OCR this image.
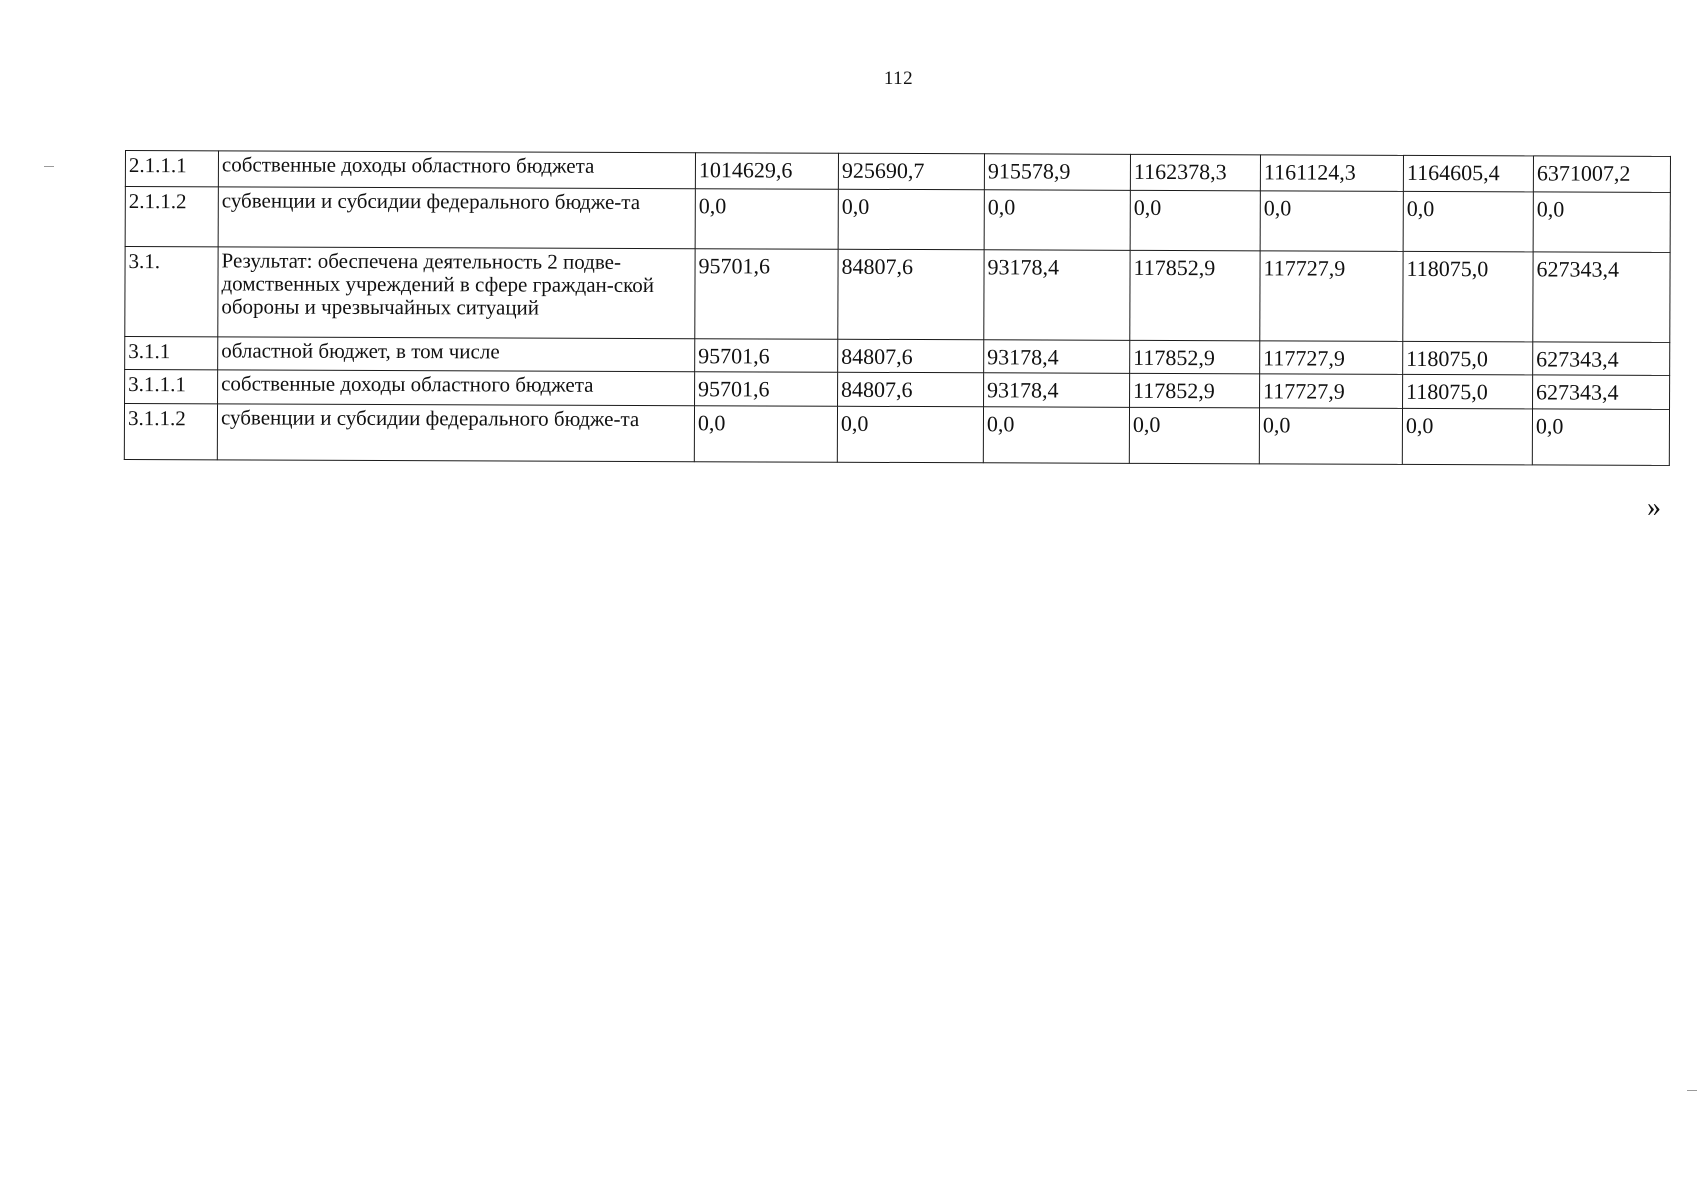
112
2.1.1.1	собственные доходы областного бюджета	1014629,6	925690,7	915578,9	1162378,3	1161124,3	1164605,4	6371007,2
2.1.1.2	субвенции и субсидии федерального бюдже-та	0,0	0,0	0,0	0,0	0,0	0,0	0,0
3.1.	Результат: обеспечена деятельность 2 подве-домственных учреждений в сфере граждан-ской обороны и чрезвычайных ситуаций	95701,6	84807,6	93178,4	117852,9	117727,9	118075,0	627343,4
3.1.1	областной бюджет, в том числе	95701,6	84807,6	93178,4	117852,9	117727,9	118075,0	627343,4
3.1.1.1	собственные доходы областного бюджета	95701,6	84807,6	93178,4	117852,9	117727,9	118075,0	627343,4
3.1.1.2	субвенции и субсидии федерального бюдже-та	0,0	0,0	0,0	0,0	0,0	0,0	0,0
»
